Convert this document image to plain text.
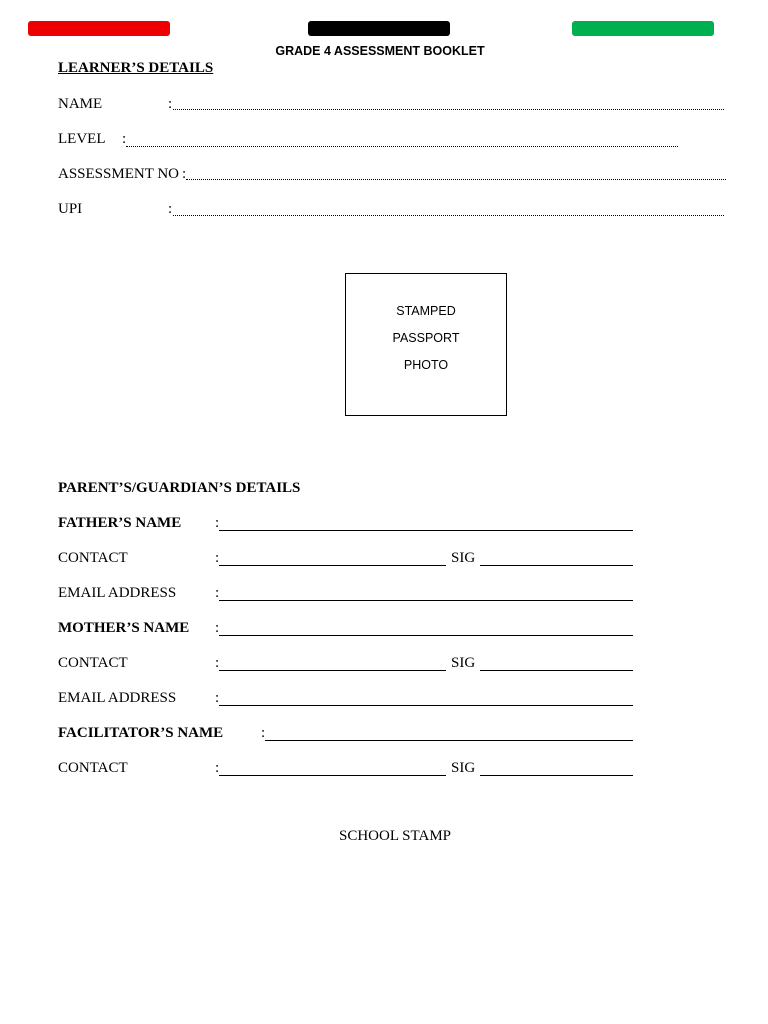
GRADE 4 ASSESSMENT BOOKLET
LEARNER’S DETAILS
NAME	:
LEVEL :
ASSESSMENT NO :
UPI	:
STAMPED
PASSPORT
PHOTO
PARENT’S/GUARDIAN’S DETAILS
FATHER’S NAME :
CONTACT	:	SIG
EMAIL ADDRESS	:
MOTHER’S NAME :
CONTACT	:	SIG
EMAIL ADDRESS	:
FACILITATOR’S NAME	:
CONTACT	:	SIG
SCHOOL STAMP
